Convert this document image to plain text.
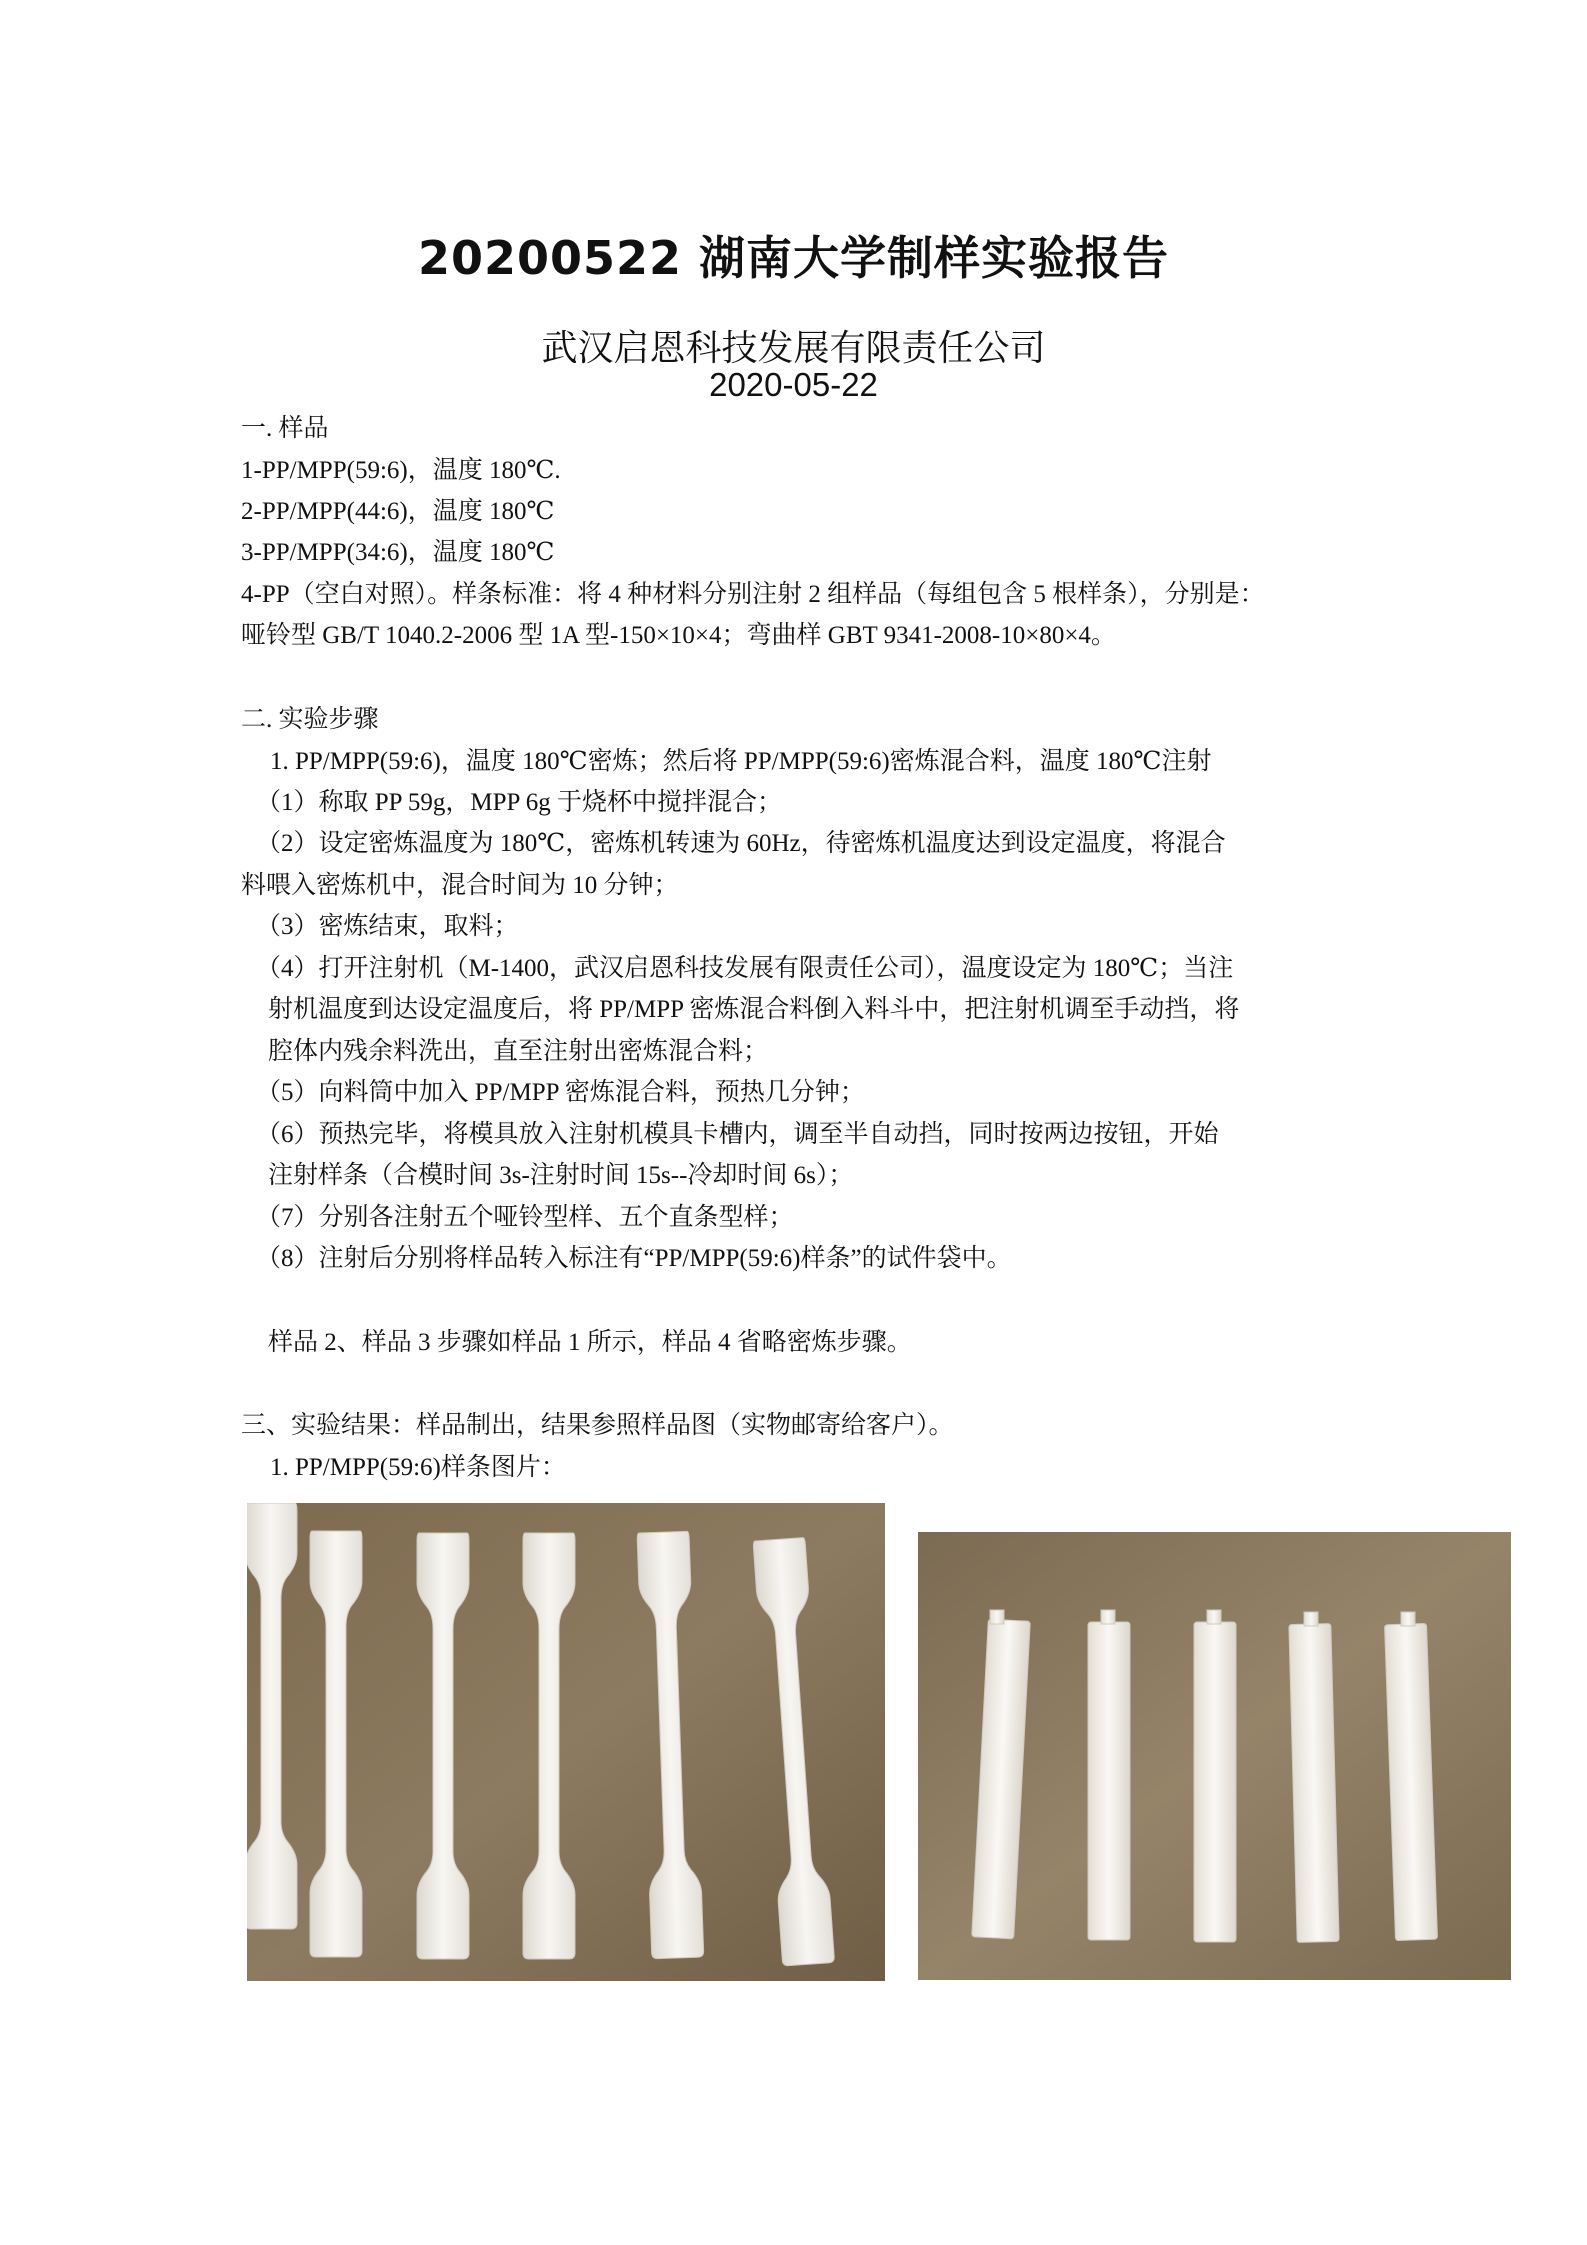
20200522 湖南大学制样实验报告
武汉启恩科技发展有限责任公司
2020-05-22
一. 样品
1-PP/MPP(59:6)，温度 180℃.
2-PP/MPP(44:6)，温度 180℃
3-PP/MPP(34:6)，温度 180℃
4-PP（空白对照）。样条标准：将 4 种材料分别注射 2 组样品（每组包含 5 根样条），分别是：
哑铃型 GB/T 1040.2-2006 型 1A 型-150×10×4；弯曲样 GBT 9341-2008-10×80×4。
二. 实验步骤
1. PP/MPP(59:6)，温度 180℃密炼；然后将 PP/MPP(59:6)密炼混合料，温度 180℃注射
（1）称取 PP 59g，MPP 6g 于烧杯中搅拌混合；
（2）设定密炼温度为 180℃，密炼机转速为 60Hz，待密炼机温度达到设定温度，将混合
料喂入密炼机中，混合时间为 10 分钟；
（3）密炼结束，取料；
（4）打开注射机（M-1400，武汉启恩科技发展有限责任公司），温度设定为 180℃；当注
射机温度到达设定温度后，将 PP/MPP 密炼混合料倒入料斗中，把注射机调至手动挡，将
腔体内残余料洗出，直至注射出密炼混合料；
（5）向料筒中加入 PP/MPP 密炼混合料，预热几分钟；
（6）预热完毕，将模具放入注射机模具卡槽内，调至半自动挡，同时按两边按钮，开始
注射样条（合模时间 3s-注射时间 15s--冷却时间 6s）；
（7）分别各注射五个哑铃型样、五个直条型样；
（8）注射后分别将样品转入标注有“PP/MPP(59:6)样条”的试件袋中。
样品 2、样品 3 步骤如样品 1 所示，样品 4 省略密炼步骤。
三、实验结果：样品制出，结果参照样品图（实物邮寄给客户）。
1. PP/MPP(59:6)样条图片：
